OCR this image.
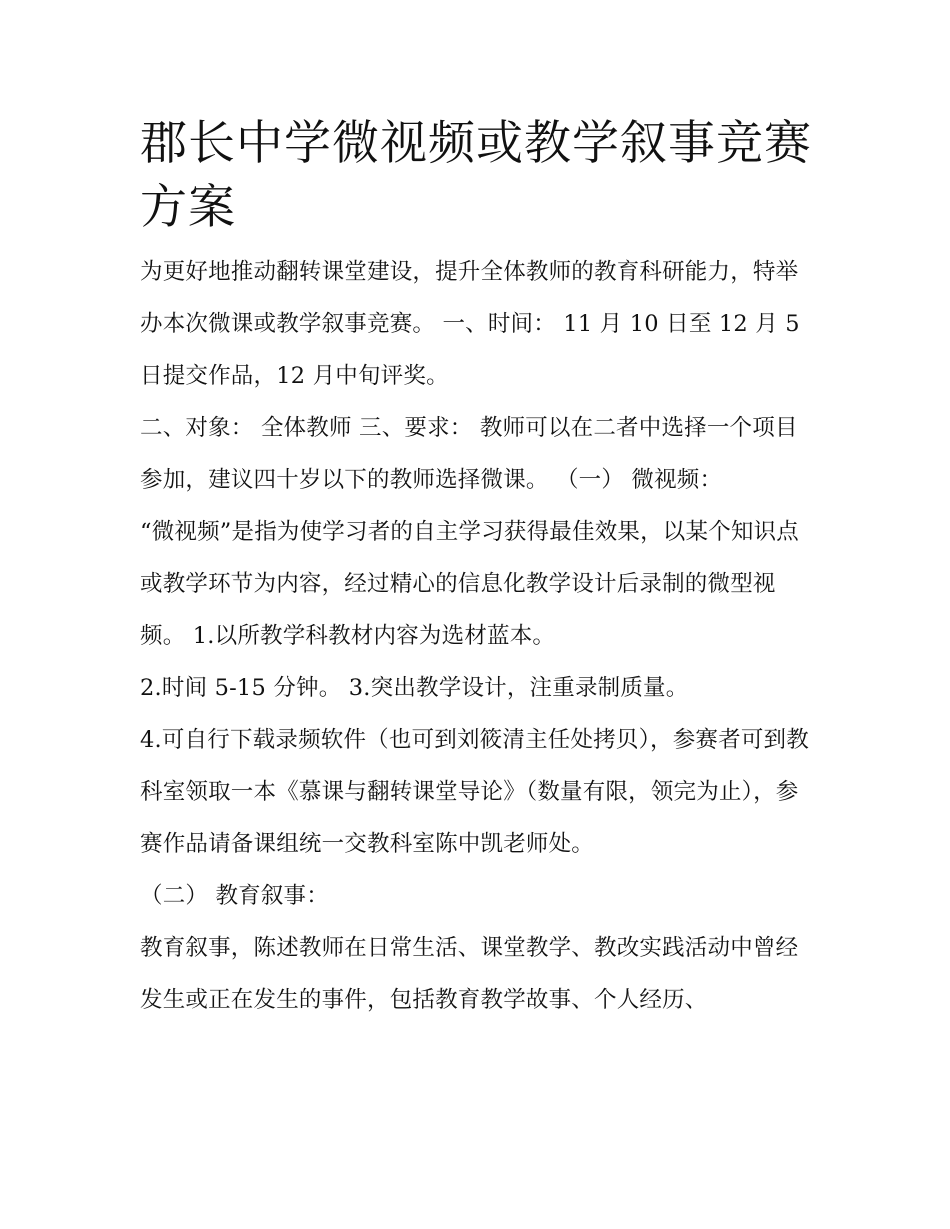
郡长中学微视频或教学叙事竞赛方案

为更好地推动翻转课堂建设，提升全体教师的教育科研能力，特举办本次微课或教学叙事竞赛。 一、时间： 11 月 10 日至 12 月 5 日提交作品，12 月中旬评奖。

二、对象： 全体教师 三、要求： 教师可以在二者中选择一个项目参加，建议四十岁以下的教师选择微课。 （一） 微视频：

“微视频”是指为使学习者的自主学习获得最佳效果，以某个知识点或教学环节为内容，经过精心的信息化教学设计后录制的微型视频。 1.以所教学科教材内容为选材蓝本。

2.时间 5-15 分钟。 3.突出教学设计，注重录制质量。

4.可自行下载录频软件（也可到刘筱清主任处拷贝），参赛者可到教科室领取一本《慕课与翻转课堂导论》（数量有限，领完为止），参赛作品请备课组统一交教科室陈中凯老师处。

（二） 教育叙事：

教育叙事，陈述教师在日常生活、课堂教学、教改实践活动中曾经发生或正在发生的事件，包括教育教学故事、个人经历、
